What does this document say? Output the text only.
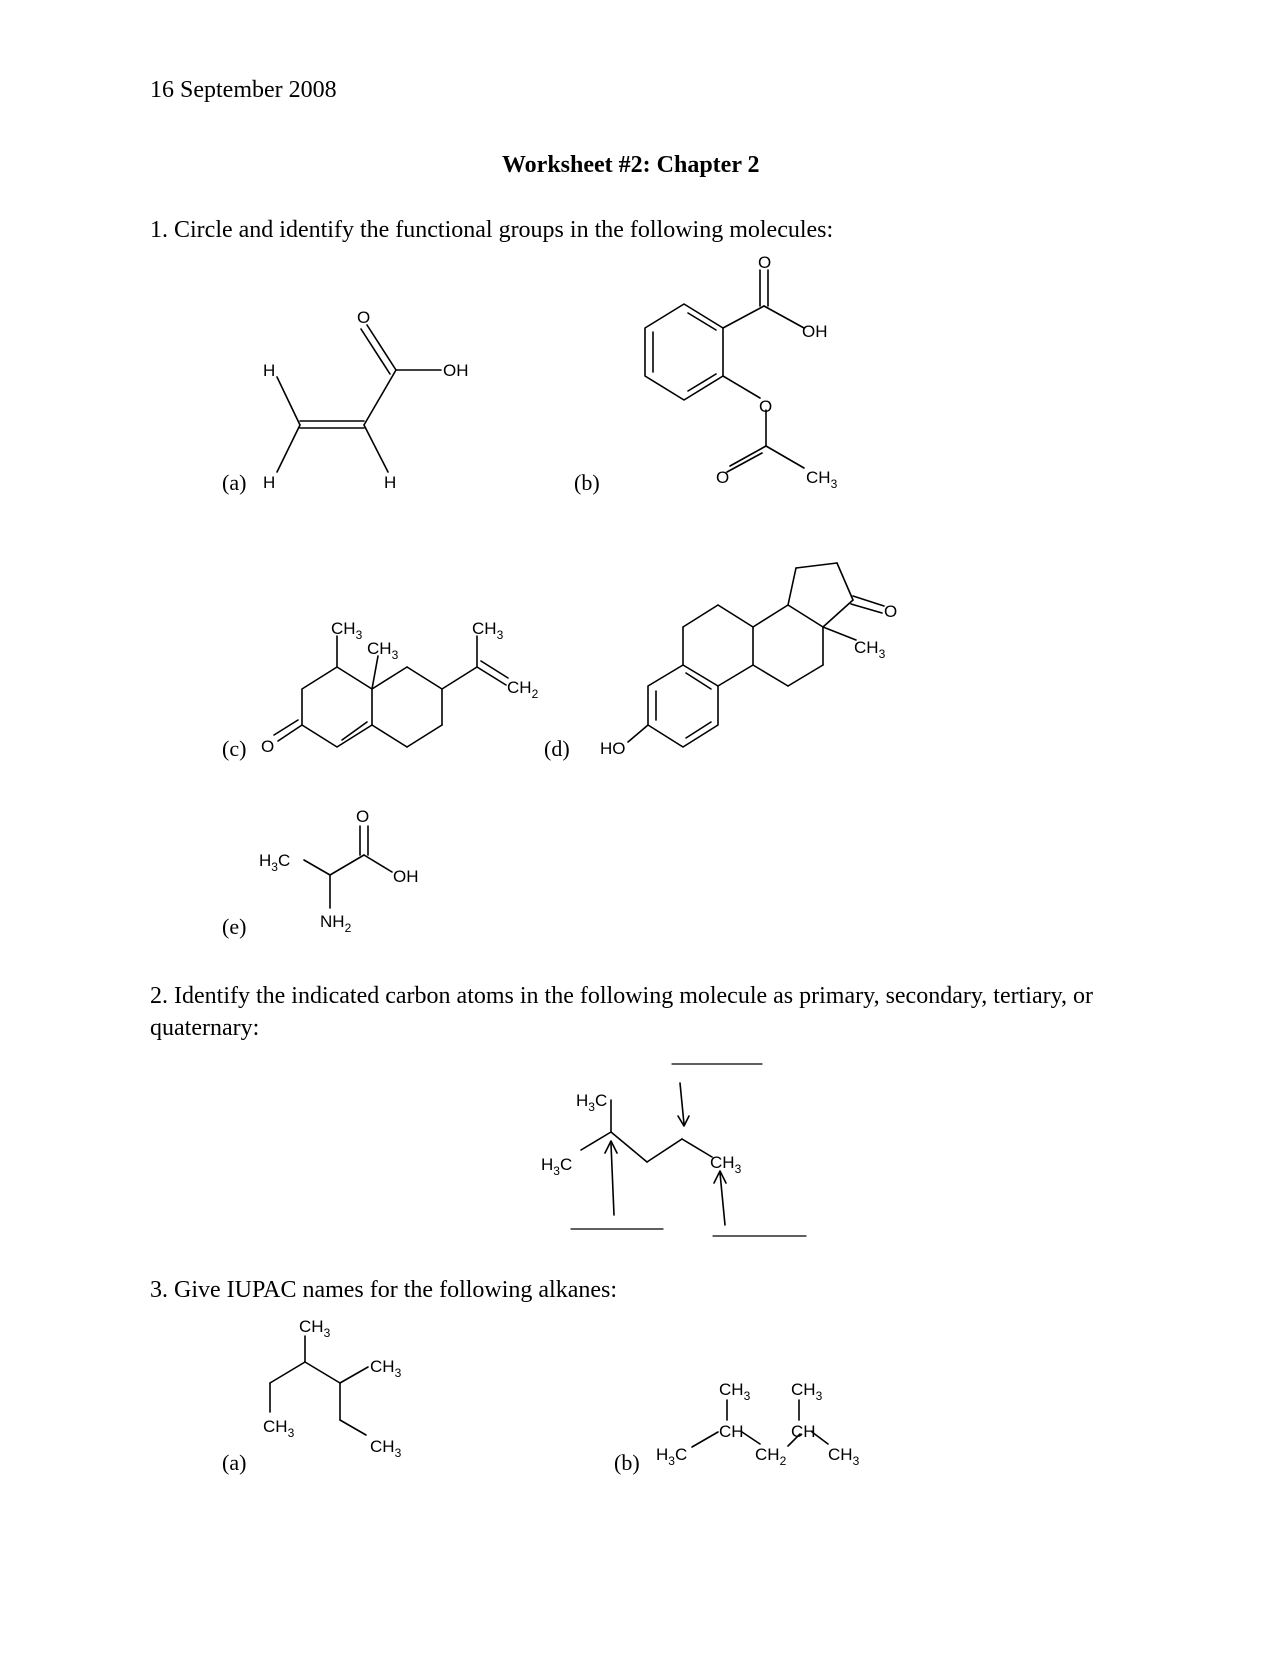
16 September 2008
Worksheet #2: Chapter 2
1. Circle and identify the functional groups in the following molecules:
H
H	H
O
OH
(a)
O
OH
O
O	$CH_3$
(b)
$CH_3$
$CH_3$
$CH_3$
$CH_2$
O
(c)
O
$CH_3$
HO
(d)
O
$H_3C$
OH
$NH_2$
(e)
2. Identify the indicated carbon atoms in the following molecule as primary, secondary, tertiary, or quaternary:
$H_3C$
$H_3C$	$CH_3$
3. Give IUPAC names for the following alkanes:
$CH_3$
$CH_3$
$CH_3$
$CH_3$
(a)
$CH_3$ $CH_3$
CH	CH
$H_3C$	$CH_2$ $CH_3$
(b)
